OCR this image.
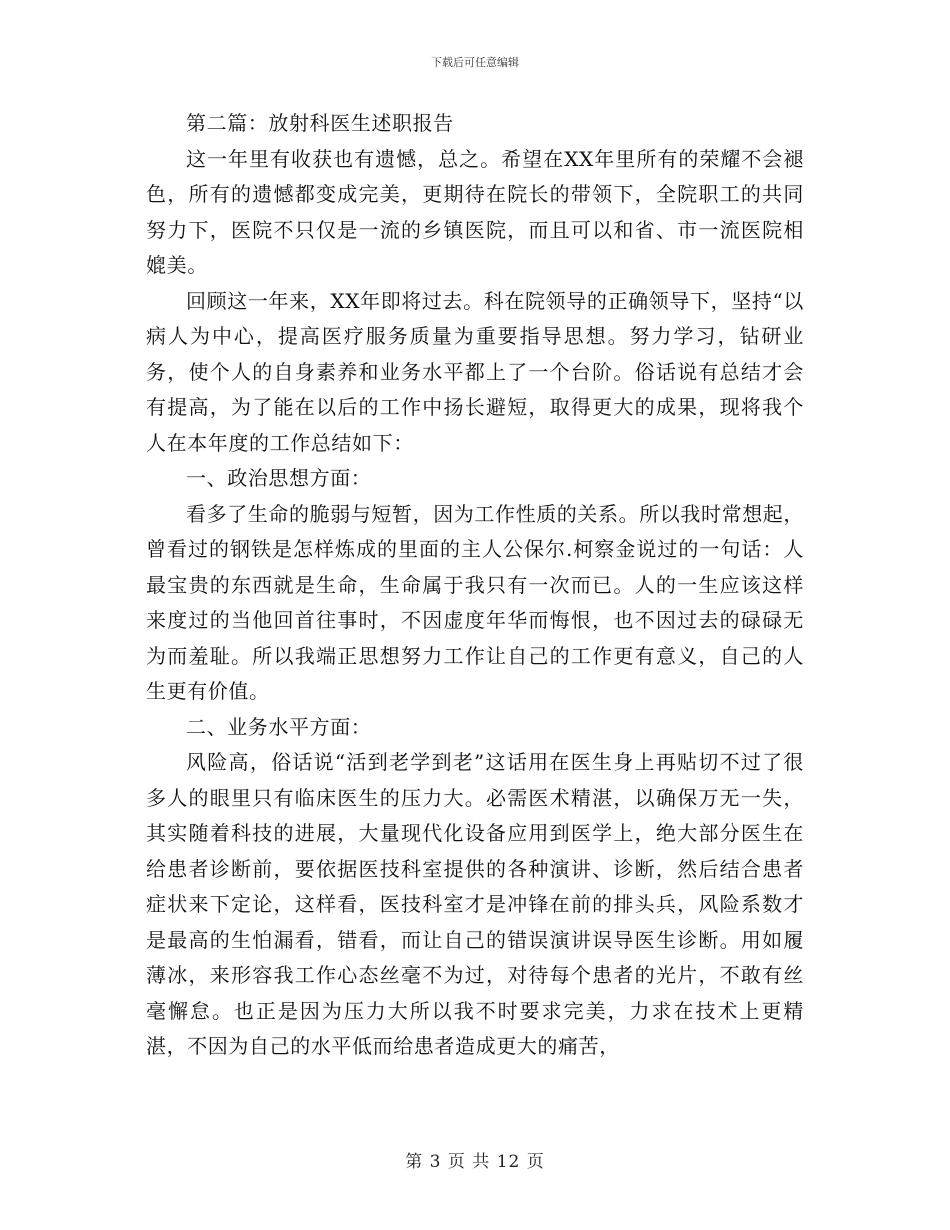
下载后可任意编辑

第二篇：放射科医生述职报告

这一年里有收获也有遗憾，总之。希望在XX年里所有的荣耀不会褪色，所有的遗憾都变成完美，更期待在院长的带领下，全院职工的共同努力下，医院不只仅是一流的乡镇医院，而且可以和省、市一流医院相媲美。

回顾这一年来，XX年即将过去。科在院领导的正确领导下，坚持“以病人为中心，提高医疗服务质量为重要指导思想。努力学习，钻研业务，使个人的自身素养和业务水平都上了一个台阶。俗话说有总结才会有提高，为了能在以后的工作中扬长避短，取得更大的成果，现将我个人在本年度的工作总结如下：

一、政治思想方面：

看多了生命的脆弱与短暂，因为工作性质的关系。所以我时常想起，曾看过的钢铁是怎样炼成的里面的主人公保尔.柯察金说过的一句话：人最宝贵的东西就是生命，生命属于我只有一次而已。人的一生应该这样来度过的当他回首往事时，不因虚度年华而悔恨，也不因过去的碌碌无为而羞耻。所以我端正思想努力工作让自己的工作更有意义，自己的人生更有价值。

二、业务水平方面：

风险高，俗话说“活到老学到老”这话用在医生身上再贴切不过了很多人的眼里只有临床医生的压力大。必需医术精湛，以确保万无一失，其实随着科技的进展，大量现代化设备应用到医学上，绝大部分医生在给患者诊断前，要依据医技科室提供的各种演讲、诊断，然后结合患者症状来下定论，这样看，医技科室才是冲锋在前的排头兵，风险系数才是最高的生怕漏看，错看，而让自己的错误演讲误导医生诊断。用如履薄冰，来形容我工作心态丝毫不为过，对待每个患者的光片，不敢有丝毫懈怠。也正是因为压力大所以我不时要求完美，力求在技术上更精湛，不因为自己的水平低而给患者造成更大的痛苦，

第 3 页 共 12 页
